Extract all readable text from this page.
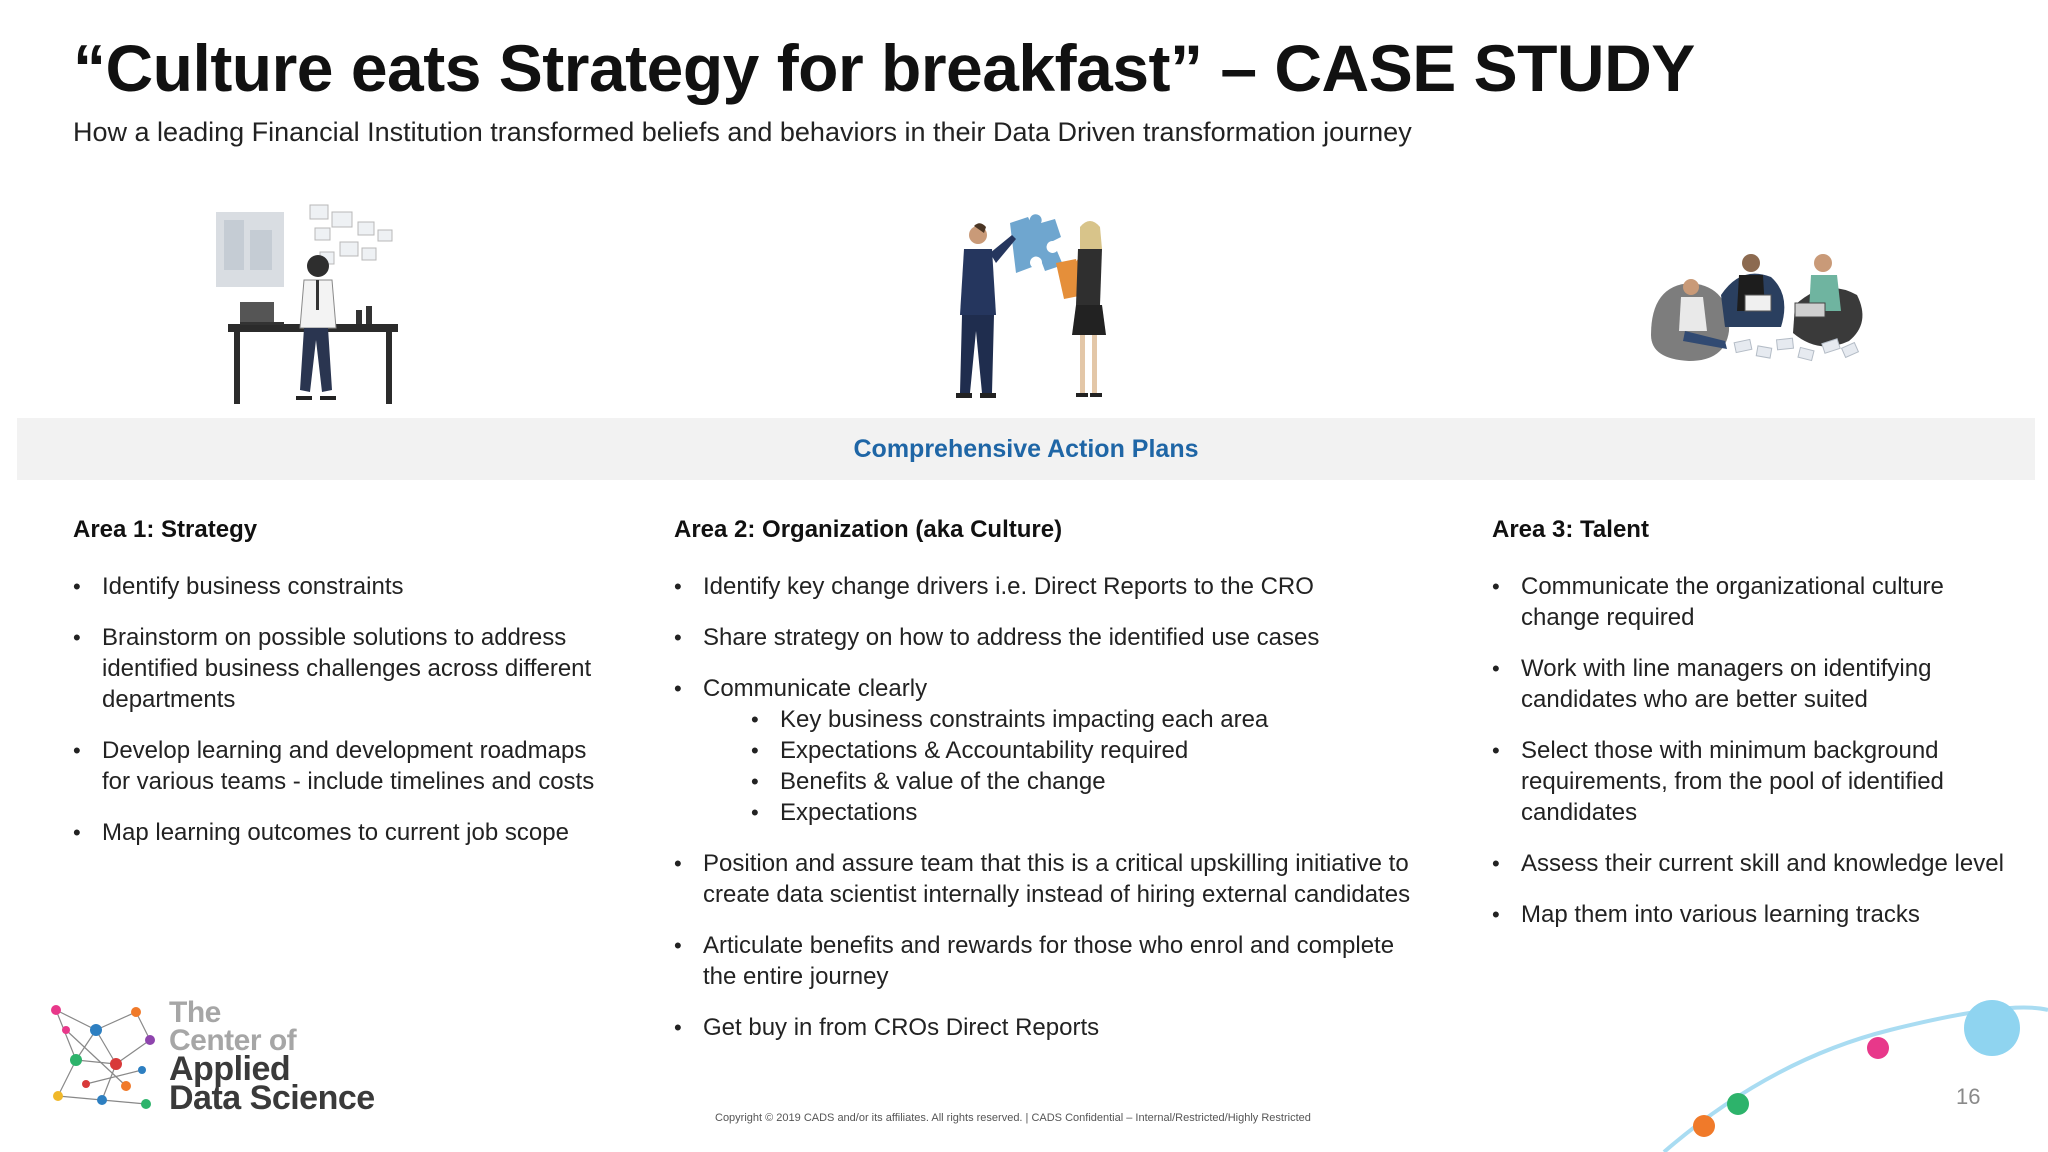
“Culture eats Strategy for breakfast” – CASE STUDY

How a leading Financial Institution transformed beliefs and behaviors in their Data Driven transformation journey

Comprehensive Action Plans
Area 1: Strategy
• Identify business constraints
• Brainstorm on possible solutions to address identified business challenges across different departments
• Develop learning and development roadmaps for various teams - include timelines and costs
• Map learning outcomes to current job scope
Area 2: Organization (aka Culture)
• Identify key change drivers i.e. Direct Reports to the CRO
• Share strategy on how to address the identified use cases
• Communicate clearly
• Key business constraints impacting each area
• Expectations & Accountability required
• Benefits & value of the change
• Expectations
• Position and assure team that this is a critical upskilling initiative to create data scientist internally instead of hiring external candidates
• Articulate benefits and rewards for those who enrol and complete the entire journey
• Get buy in from CROs Direct Reports
Area 3: Talent
• Communicate the organizational culture change required
• Work with line managers on identifying candidates who are better suited
• Select those with minimum background requirements, from the pool of identified candidates
• Assess their current skill and knowledge level
• Map them into various learning tracks
The
Center of
Applied
Data Science
Copyright © 2019 CADS and/or its affiliates. All rights reserved. | CADS Confidential – Internal/Restricted/Highly Restricted
16
